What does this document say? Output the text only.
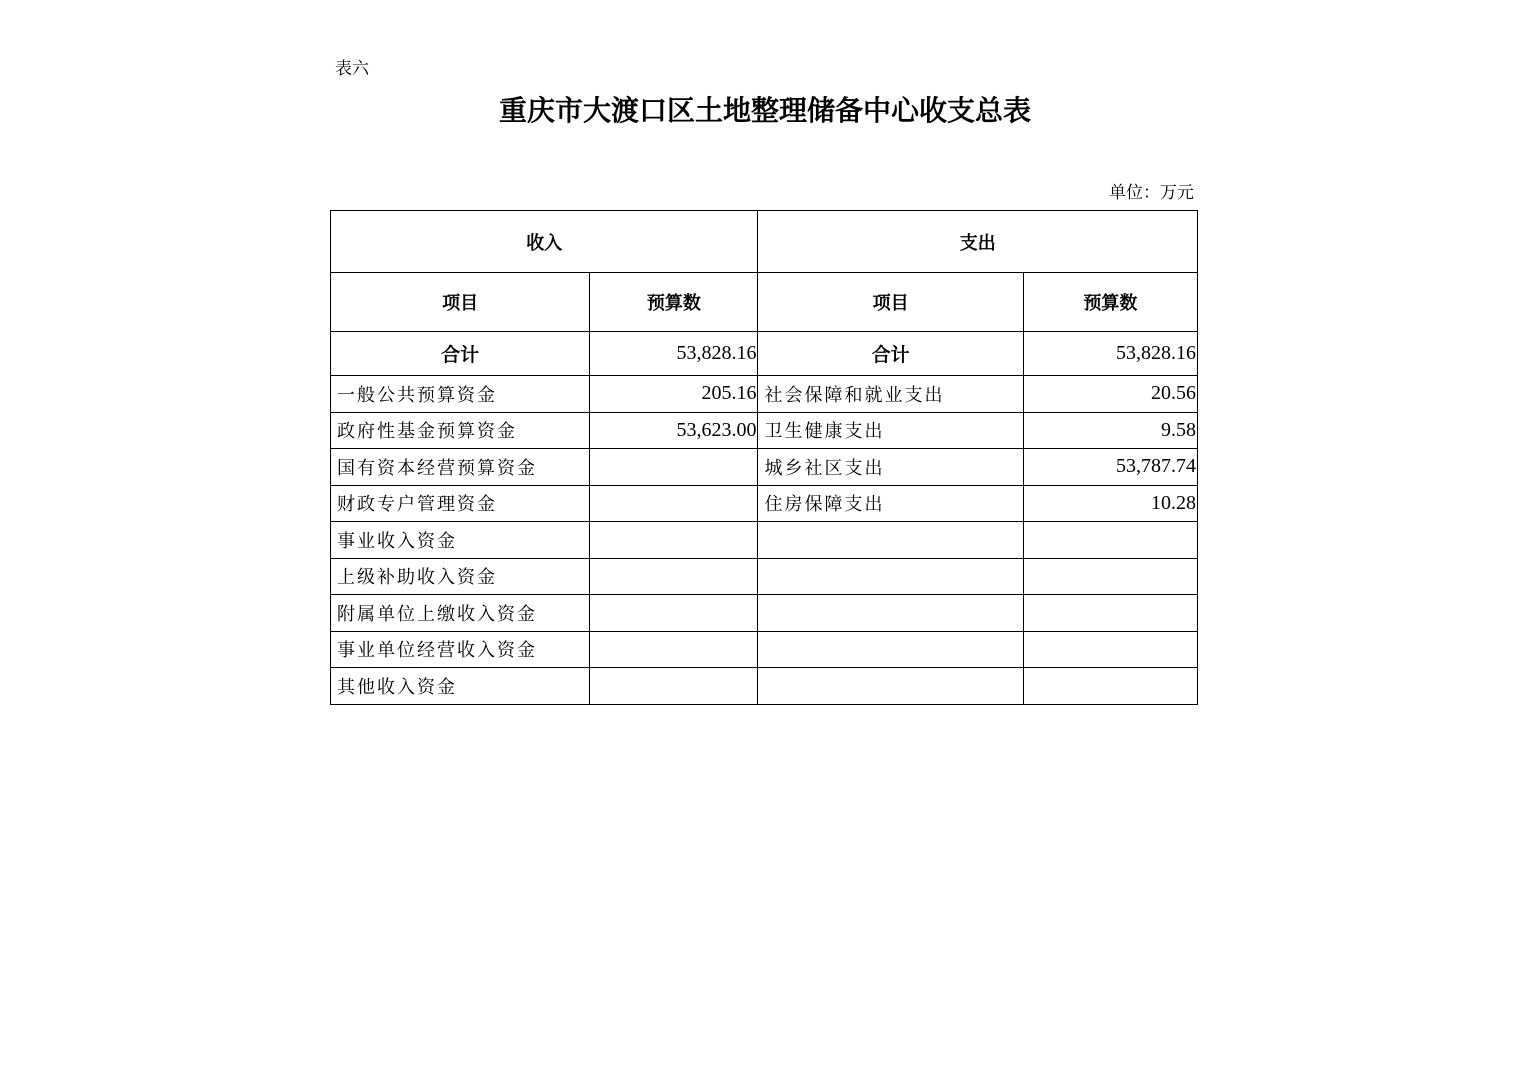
表六
重庆市大渡口区土地整理储备中心收支总表
单位：万元
收入		支出	
项目	预算数	项目	预算数
合计	53,828.16	合计	53,828.16
一般公共预算资金	205.16	社会保障和就业支出	20.56
政府性基金预算资金	53,623.00	卫生健康支出	9.58
国有资本经营预算资金		城乡社区支出	53,787.74
财政专户管理资金		住房保障支出	10.28
事业收入资金			
上级补助收入资金			
附属单位上缴收入资金			
事业单位经营收入资金			
其他收入资金			
